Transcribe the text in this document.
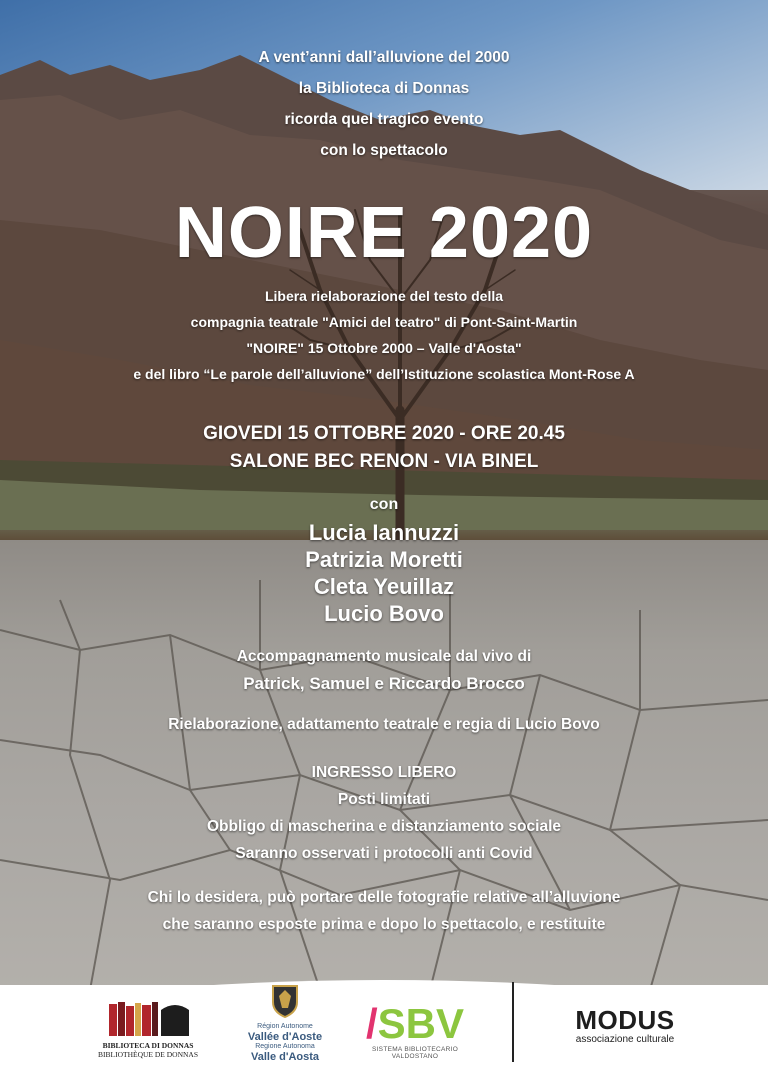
A vent’anni dall’alluvione del 2000
la Biblioteca di Donnas
ricorda quel tragico evento
con lo spettacolo
NOIRE 2020
Libera rielaborazione del testo della
compagnia teatrale "Amici del teatro" di Pont-Saint-Martin
"NOIRE" 15 Ottobre 2000 – Valle d'Aosta"
e del libro “Le parole dell’alluvione” dell’Istituzione scolastica Mont-Rose A
GIOVEDI 15 OTTOBRE 2020 - ORE 20.45
SALONE BEC RENON - VIA BINEL
con
Lucia Iannuzzi
Patrizia Moretti
Cleta Yeuillaz
Lucio Bovo
Accompagnamento musicale dal vivo di
Patrick, Samuel e Riccardo Brocco
Rielaborazione, adattamento teatrale e regia di Lucio Bovo
INGRESSO LIBERO
Posti limitati
Obbligo di mascherina e distanziamento sociale
Saranno osservati i protocolli anti Covid
Chi lo desidera, può portare delle fotografie relative all’alluvione
che saranno esposte prima e dopo lo spettacolo, e restituite
BIBLIOTECA DI DONNAS
BIBLIOTHÈQUE DE DONNAS
Région Autonome
Vallée d'Aoste
Regione Autonoma
Valle d'Aosta
/SBV
SISTEMA BIBLIOTECARIO VALDOSTANO
MODUS
associazione culturale
